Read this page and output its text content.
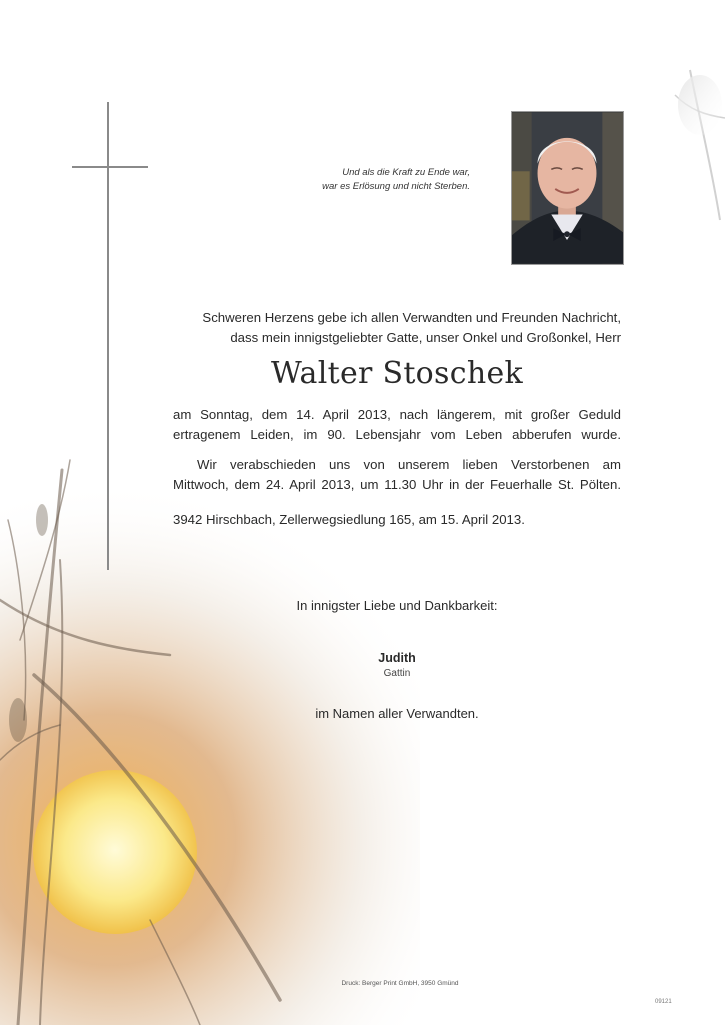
Und als die Kraft zu Ende war,
war es Erlösung und nicht Sterben.
Schweren Herzens gebe ich allen Verwandten und Freunden Nachricht,
dass mein innigstgeliebter Gatte, unser Onkel und Großonkel, Herr
Walter Stoschek
am Sonntag, dem 14. April 2013, nach längerem, mit großer Geduld
ertragenem Leiden, im 90. Lebensjahr vom Leben abberufen wurde.
Wir verabschieden uns von unserem lieben Verstorbenen am
Mittwoch, dem 24. April 2013, um 11.30 Uhr in der Feuerhalle St. Pölten.
3942 Hirschbach, Zellerwegsiedlung 165, am 15. April 2013.
In innigster Liebe und Dankbarkeit:
Judith
Gattin
im Namen aller Verwandten.
Druck: Berger Print GmbH, 3950 Gmünd
09121
